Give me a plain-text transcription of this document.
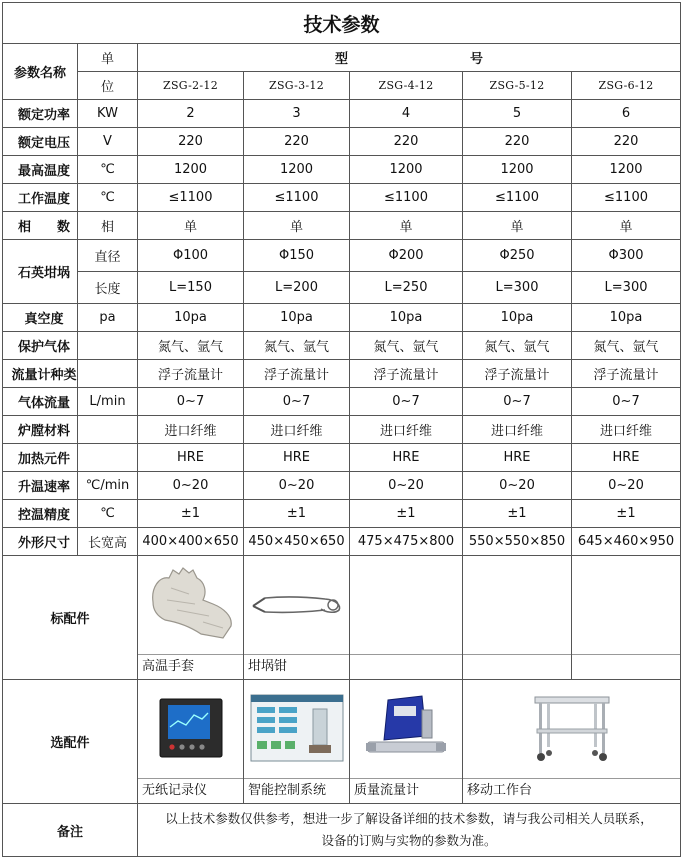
技术参数						
参数名称	单	型 号				
	位	ZSG-2-12	ZSG-3-12	ZSG-4-12	ZSG-5-12	ZSG-6-12
额定功率	KW	2	3	4	5	6
额定电压	V	220	220	220	220	220
最高温度	℃	1200	1200	1200	1200	1200
工作温度	℃	≤1100	≤1100	≤1100	≤1100	≤1100
相　　数	相	单	单	单	单	单
石英坩埚	直径	Φ100	Φ150	Φ200	Φ250	Φ300
	长度	L=150	L=200	L=250	L=300	L=300
真空度	pa	10pa	10pa	10pa	10pa	10pa
保护气体		氮气、氩气	氮气、氩气	氮气、氩气	氮气、氩气	氮气、氩气
流量计种类		浮子流量计	浮子流量计	浮子流量计	浮子流量计	浮子流量计
气体流量	L/min	0~7	0~7	0~7	0~7	0~7
炉膛材料		进口纤维	进口纤维	进口纤维	进口纤维	进口纤维
加热元件		HRE	HRE	HRE	HRE	HRE
升温速率	℃/min	0~20	0~20	0~20	0~20	0~20
控温精度	℃	±1	±1	±1	±1	±1
外形尺寸	长宽高	400×400×650	450×450×650	475×475×800	550×550×850	645×460×950
标配件		高温手套	坩埚钳			

选配件		无纸记录仪	智能控制系统	质量流量计	移动工作台	

备注		以上技术参数仅供参考，想进一步了解设备详细的技术参数，请与我公司相关人员联系，
设备的订购与实物的参数为准。				
